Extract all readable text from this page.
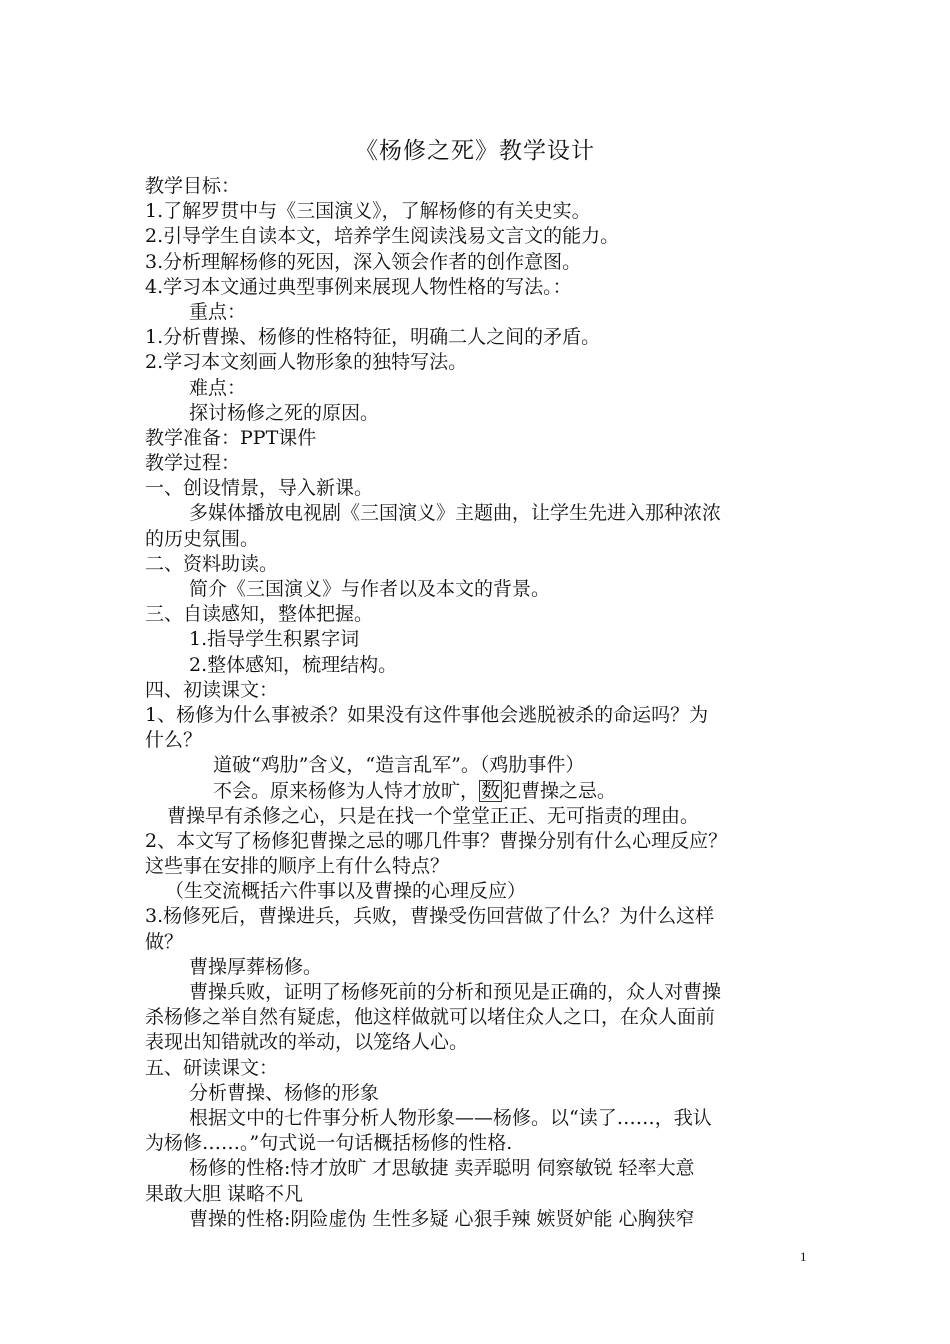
《杨修之死》教学设计
教学目标：
1.了解罗贯中与《三国演义》，了解杨修的有关史实。
2.引导学生自读本文，培养学生阅读浅易文言文的能力。
3.分析理解杨修的死因，深入领会作者的创作意图。
4.学习本文通过典型事例来展现人物性格的写法。：
重点：
1.分析曹操、杨修的性格特征，明确二人之间的矛盾。
2.学习本文刻画人物形象的独特写法。
难点：
探讨杨修之死的原因。
教学准备：PPT课件
教学过程：
一、创设情景，导入新课。
多媒体播放电视剧《三国演义》主题曲，让学生先进入那种浓浓
的历史氛围。
二、资料助读。
简介《三国演义》与作者以及本文的背景。
三、自读感知，整体把握。
1.指导学生积累字词
2.整体感知，梳理结构。
四、初读课文：
1、杨修为什么事被杀？如果没有这件事他会逃脱被杀的命运吗？为
什么？
道破“鸡肋”含义，“造言乱军”。（鸡肋事件）
不会。原来杨修为人恃才放旷， 数 犯曹操之忌。
曹操早有杀修之心，只是在找一个堂堂正正、无可指责的理由。
2、本文写了杨修犯曹操之忌的哪几件事？曹操分别有什么心理反应？
这些事在安排的顺序上有什么特点？
（生交流概括六件事以及曹操的心理反应）
3.杨修死后，曹操进兵，兵败，曹操受伤回营做了什么？为什么这样
做？
曹操厚葬杨修。
曹操兵败，证明了杨修死前的分析和预见是正确的，众人对曹操
杀杨修之举自然有疑虑，他这样做就可以堵住众人之口，在众人面前
表现出知错就改的举动，以笼络人心。
五、研读课文：
分析曹操、杨修的形象
根据文中的七件事分析人物形象——杨修。以“读了……，我认
为杨修……。”句式说一句话概括杨修的性格.
杨修的性格:恃才放旷 才思敏捷 卖弄聪明 伺察敏锐 轻率大意
果敢大胆 谋略不凡
曹操的性格:阴险虚伪 生性多疑 心狠手辣 嫉贤妒能 心胸狭窄
1
